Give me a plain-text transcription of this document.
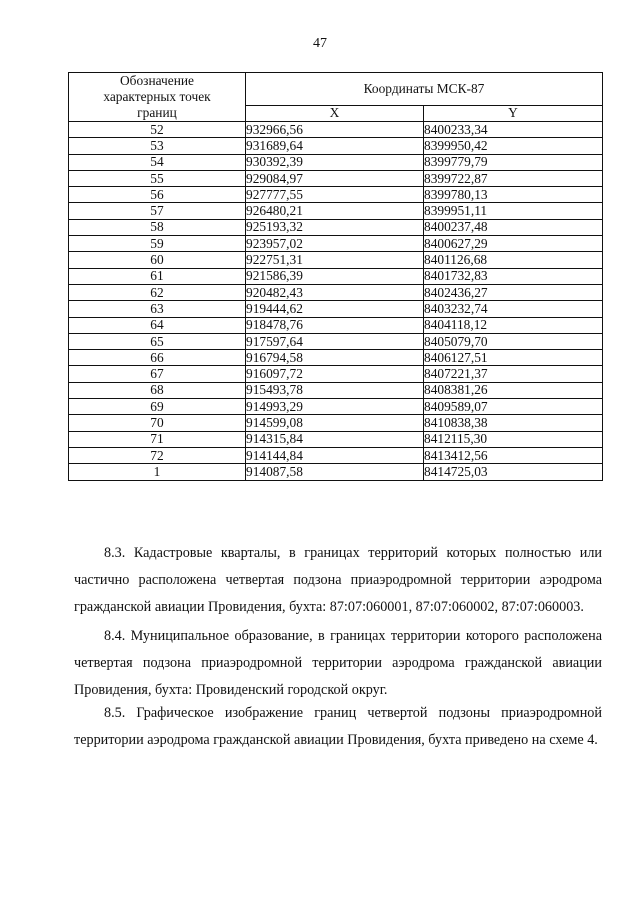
47
Обозначение
характерных точек
границ	Координаты МСК-87	
	X	Y
52	932966,56	8400233,34
53	931689,64	8399950,42
54	930392,39	8399779,79
55	929084,97	8399722,87
56	927777,55	8399780,13
57	926480,21	8399951,11
58	925193,32	8400237,48
59	923957,02	8400627,29
60	922751,31	8401126,68
61	921586,39	8401732,83
62	920482,43	8402436,27
63	919444,62	8403232,74
64	918478,76	8404118,12
65	917597,64	8405079,70
66	916794,58	8406127,51
67	916097,72	8407221,37
68	915493,78	8408381,26
69	914993,29	8409589,07
70	914599,08	8410838,38
71	914315,84	8412115,30
72	914144,84	8413412,56
1	914087,58	8414725,03

8.3. Кадастровые кварталы, в границах территорий которых полностью или частично расположена четвертая подзона приаэродромной территории аэродрома гражданской авиации Провидения, бухта: 87:07:060001, 87:07:060002, 87:07:060003.

8.4. Муниципальное образование, в границах территории которого расположена четвертая подзона приаэродромной территории аэродрома гражданской авиации Провидения, бухта: Провиденский городской округ.

8.5. Графическое изображение границ четвертой подзоны приаэродромной территории аэродрома гражданской авиации Провидения, бухта приведено на схеме 4.
